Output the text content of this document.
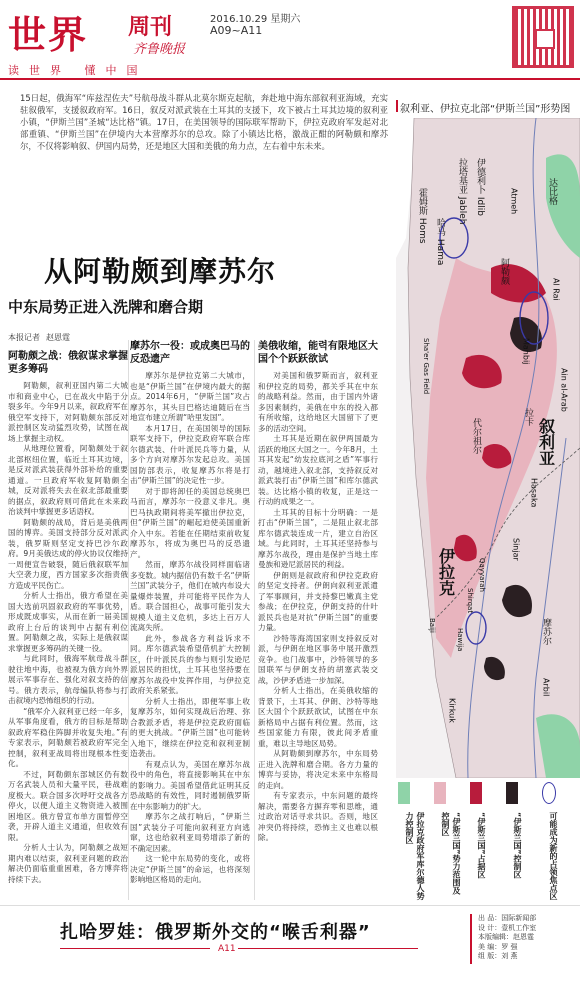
世界 周刊
齐鲁晚报
2016.10.29 星期六
A09~A11
读世界 懂中国

15日起，俄海军“库兹涅佐夫”号航母战斗群从北莫尔斯克起航，奔赴地中海东部叙利亚海域，充实驻叙俄军，支援叙政府军。16日，叙反对派武装在土耳其的支援下，攻下被占土耳其边境的叙利亚小镇，“伊斯兰国”圣城“达比格”镇。17日，在美国领导的国际联军帮助下，伊拉克政府军发起对北部重镇、“伊斯兰国”在伊境内大本营摩苏尔的总攻。除了小镇达比格，激战正酣的阿勒颇和摩苏尔，不仅将影响叙、伊国内局势，还是地区大国和美俄的角力点，左右着中东未来。

从阿勒颇到摩苏尔
中东局势正进入洗牌和磨合期
本报记者 赵恩霆
阿勒颇之战：俄叙谋求掌握更多筹码

阿勒颇，叙利亚国内第二大城市和商业中心，已在战火中陷于分裂多年。今年9月以来，叙政府军在俄空军支持下，对阿勒颇东部反对派控制区发动猛烈攻势，试图在战场上掌握主动权。

从地理位置看，阿勒颇处于叙北部枢纽位置，临近土耳其边境，是反对派武装获得外部补给的重要通道。一旦政府军收复阿勒颇全城，反对派将失去在叙北部最重要的据点，叙政府则可借此在未来政治谈判中掌握更多话语权。

阿勒颇的战局，背后是美俄两国的博弈。美国支持部分反对派武装，俄罗斯则坚定支持巴沙尔政府。9月美俄达成的停火协议仅维持一周便宣告破裂，随后俄叙联军加大空袭力度，西方国家多次指责俄方造成平民伤亡。

分析人士指出，俄方希望在美国大选前巩固叙政府的军事优势，形成既成事实，从而在新一届美国政府上台后的谈判中占据有利位置。阿勒颇之战，实际上是俄叙谋求掌握更多筹码的关键一役。

与此同时，俄海军航母战斗群驶往地中海，也被视为俄方向外界展示军事存在、强化对叙支持的信号。俄方表示，航母编队将参与打击叙境内恐怖组织的行动。

“俄军介入叙利亚已经一年多，从军事角度看，俄方的目标是帮助叙政府军稳住阵脚并收复失地。”有专家表示，阿勒颇若被政府军完全控制，叙利亚战局将出现根本性变化。

不过，阿勒颇东部城区仍有数万名武装人员和大量平民，巷战难度极大。联合国多次呼吁交战各方停火，以便人道主义物资进入被围困地区。俄方曾宣布单方面暂停空袭，开辟人道主义通道，但收效有限。

分析人士认为，阿勒颇之战短期内难以结束，叙利亚问题的政治解决仍面临重重困难，各方博弈将持续下去。

摩苏尔一役：或成奥巴马的反恐遗产

摩苏尔是伊拉克第二大城市，也是“伊斯兰国”在伊境内最大的据点。2014年6月，“伊斯兰国”攻占摩苏尔，其头目巴格达迪随后在当地宣布建立所谓“哈里发国”。

本月17日，在美国领导的国际联军支持下，伊拉克政府军联合库尔德武装、什叶派民兵等力量，从多个方向对摩苏尔发起总攻。美国国防部表示，收复摩苏尔将是打击“伊斯兰国”的决定性一步。

对于即将卸任的美国总统奥巴马而言，摩苏尔一役意义非凡。奥巴马执政期间将美军撤出伊拉克，但“伊斯兰国”的崛起迫使美国重新介入中东。若能在任期结束前收复摩苏尔，将成为奥巴马的反恐遗产。

然而，摩苏尔战役同样面临诸多变数。城内据信仍有数千名“伊斯兰国”武装分子，他们在城内布设大量爆炸装置，并可能将平民作为人盾。联合国担心，战事可能引发大规模人道主义危机，多达上百万人流离失所。

此外，参战各方利益诉求不同。库尔德武装希望借机扩大控制区，什叶派民兵的参与则引发逊尼派居民的担忧，土耳其也坚持要在摩苏尔战役中发挥作用，与伊拉克政府关系紧张。

分析人士指出，即便军事上收复摩苏尔，如何实现战后治理、弥合教派矛盾，将是伊拉克政府面临的更大挑战。“伊斯兰国”也可能转入地下，继续在伊拉克和叙利亚制造袭击。

有观点认为，美国在摩苏尔战役中的角色，将直接影响其在中东的影响力。美国希望借此证明其反恐战略的有效性，同时遏制俄罗斯在中东影响力的扩大。

摩苏尔之战打响后，“伊斯兰国”武装分子可能向叙利亚方向逃窜，这也给叙利亚局势增添了新的不确定因素。

这一轮中东局势的变化，或将决定“伊斯兰国”的命运，也将深刻影响地区格局的走向。

美俄收缩，能력有限地区大国个个跃跃欲试

对美国和俄罗斯而言，叙利亚和伊拉克的局势，都关乎其在中东的战略利益。然而，由于国内外诸多因素制约，美俄在中东的投入都有所收缩，这给地区大国留下了更多的活动空间。

土耳其是近期在叙伊两国最为活跃的地区大国之一。今年8月，土耳其发起“幼发拉底河之盾”军事行动，越境进入叙北部，支持叙反对派武装打击“伊斯兰国”和库尔德武装。达比格小镇的收复，正是这一行动的成果之一。

土耳其的目标十分明确：一是打击“伊斯兰国”，二是阻止叙北部库尔德武装连成一片，建立自治区域。与此同时，土耳其还坚持参与摩苏尔战役，理由是保护当地土库曼族和逊尼派居民的利益。

伊朗则是叙政府和伊拉克政府的坚定支持者。伊朗向叙利亚派遣了军事顾问，并支持黎巴嫩真主党参战；在伊拉克，伊朗支持的什叶派民兵也是对抗“伊斯兰国”的重要力量。

沙特等海湾国家则支持叙反对派，与伊朗在地区事务中展开激烈竞争。也门战事中，沙特领导的多国联军与伊朗支持的胡塞武装交战，沙伊矛盾进一步加深。

分析人士指出，在美俄收缩的背景下，土耳其、伊朗、沙特等地区大国个个跃跃欲试，试图在中东新格局中占据有利位置。然而，这些国家能力有限，彼此间矛盾重重，难以主导地区局势。

从阿勒颇到摩苏尔，中东局势正进入洗牌和磨合期。各方力量的博弈与妥协，将决定未来中东格局的走向。

有专家表示，中东问题的最终解决，需要各方摒弃零和思维，通过政治对话寻求共识。否则，地区冲突仍将持续，恐怖主义也难以根除。

叙利亚、伊拉克北部“伊斯兰国”形势图
霍姆斯 Homs 哈马 Hama
伊德利卜 Idlib
拉塔基亚 Jableh	Atmeh	达比格
阿勒颇
Al Rai
Manbij
Ain al-Arab
Sha'er Gas Field
代尔祖尔
拉卡
叙利亚
Hasaka
Sinjar
伊拉克	Qayyarah
Shirqat
Hawija
Baiji	摩苏尔
Arbil
Kirkuk
伊拉克政府军库尔德人势力控制区	“伊斯兰国”势力范围及控制区	“伊斯兰国”占据区	“伊斯兰国”控制区	可能成为新的占领焦点区
扎哈罗娃：俄罗斯外交的“喉舌利器”
A11
出 品：国际新闻部
设 计：壹机工作室
本版编辑：赵恩霆
美 编：罗 强
组 版：刘 燕
